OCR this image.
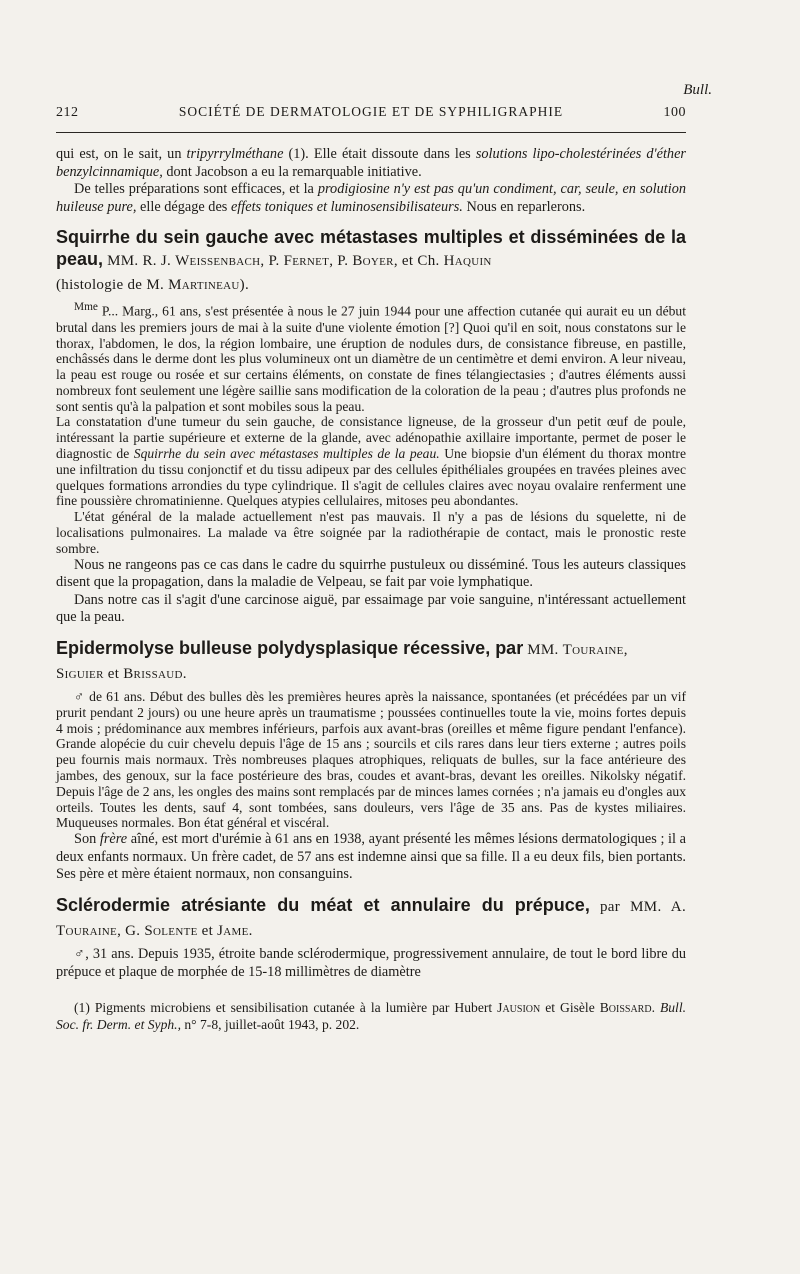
Bull.
212	SOCIÉTÉ DE DERMATOLOGIE ET DE SYPHILIGRAPHIE	100

qui est, on le sait, un tripyrrylméthane (1). Elle était dissoute dans les solutions lipo-cholestérinées d'éther benzylcinnamique, dont Jacobson a eu la remarquable initiative.

De telles préparations sont efficaces, et la prodigiosine n'y est pas qu'un condiment, car, seule, en solution huileuse pure, elle dégage des effets toniques et luminosensibilisateurs. Nous en reparlerons.

Squirrhe du sein gauche avec métastases multiples et disséminées de la peau, MM. R. J. Weissenbach, P. Fernet, P. Boyer, et Ch. Haquin
(histologie de M. Martineau).

$^{Mme}$ P... Marg., 61 ans, s'est présentée à nous le 27 juin 1944 pour une affection cutanée qui aurait eu un début brutal dans les premiers jours de mai à la suite d'une violente émotion [?] Quoi qu'il en soit, nous constatons sur le thorax, l'abdomen, le dos, la région lombaire, une éruption de nodules durs, de consistance fibreuse, en pastille, enchâssés dans le derme dont les plus volumineux ont un diamètre de un centimètre et demi environ. A leur niveau, la peau est rouge ou rosée et sur certains éléments, on constate de fines télangiectasies ; d'autres éléments aussi nombreux font seulement une légère saillie sans modification de la coloration de la peau ; d'autres plus profonds ne sont sentis qu'à la palpation et sont mobiles sous la peau.

La constatation d'une tumeur du sein gauche, de consistance ligneuse, de la grosseur d'un petit œuf de poule, intéressant la partie supérieure et externe de la glande, avec adénopathie axillaire importante, permet de poser le diagnostic de Squirrhe du sein avec métastases multiples de la peau. Une biopsie d'un élément du thorax montre une infiltration du tissu conjonctif et du tissu adipeux par des cellules épithéliales groupées en travées pleines avec quelques formations arrondies du type cylindrique. Il s'agit de cellules claires avec noyau ovalaire renferment une fine poussière chromatinienne. Quelques atypies cellulaires, mitoses peu abondantes.

L'état général de la malade actuellement n'est pas mauvais. Il n'y a pas de lésions du squelette, ni de localisations pulmonaires. La malade va être soignée par la radiothérapie de contact, mais le pronostic reste sombre.

Nous ne rangeons pas ce cas dans le cadre du squirrhe pustuleux ou disséminé. Tous les auteurs classiques disent que la propagation, dans la maladie de Velpeau, se fait par voie lymphatique.

Dans notre cas il s'agit d'une carcinose aiguë, par essaimage par voie sanguine, n'intéressant actuellement que la peau.

Epidermolyse bulleuse polydysplasique récessive, par MM. Touraine,
Siguier et Brissaud.

♂ de 61 ans. Début des bulles dès les premières heures après la naissance, spontanées (et précédées par un vif prurit pendant 2 jours) ou une heure après un traumatisme ; poussées continuelles toute la vie, moins fortes depuis 4 mois ; prédominance aux membres inférieurs, parfois aux avant-bras (oreilles et même figure pendant l'enfance). Grande alopécie du cuir chevelu depuis l'âge de 15 ans ; sourcils et cils rares dans leur tiers externe ; autres poils peu fournis mais normaux. Très nombreuses plaques atrophiques, reliquats de bulles, sur la face antérieure des jambes, des genoux, sur la face postérieure des bras, coudes et avant-bras, devant les oreilles. Nikolsky négatif. Depuis l'âge de 2 ans, les ongles des mains sont remplacés par de minces lames cornées ; n'a jamais eu d'ongles aux orteils. Toutes les dents, sauf 4, sont tombées, sans douleurs, vers l'âge de 35 ans. Pas de kystes miliaires. Muqueuses normales. Bon état général et viscéral.

Son frère aîné, est mort d'urémie à 61 ans en 1938, ayant présenté les mêmes lésions dermatologiques ; il a deux enfants normaux. Un frère cadet, de 57 ans est indemne ainsi que sa fille. Il a eu deux fils, bien portants. Ses père et mère étaient normaux, non consanguins.

Sclérodermie atrésiante du méat et annulaire du prépuce, par MM. A. Touraine, G. Solente et Jame.

♂, 31 ans. Depuis 1935, étroite bande sclérodermique, progressivement annulaire, de tout le bord libre du prépuce et plaque de morphée de 15-18 millimètres de diamètre

(1) Pigments microbiens et sensibilisation cutanée à la lumière par Hubert Jausion et Gisèle Boissard. Bull. Soc. fr. Derm. et Syph., n° 7-8, juillet-août 1943, p. 202.
